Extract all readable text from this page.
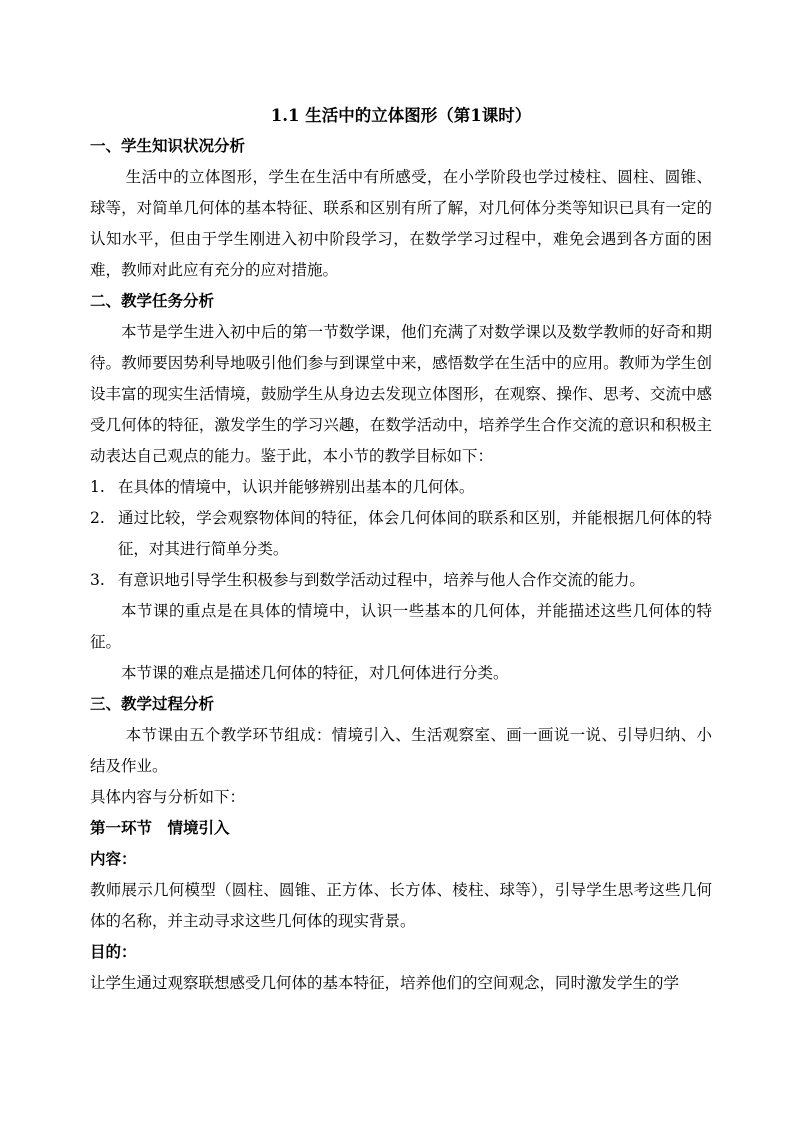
1.1 生活中的立体图形（第1课时）
一、学生知识状况分析

生活中的立体图形，学生在生活中有所感受，在小学阶段也学过棱柱、圆柱、圆锥、球等，对简单几何体的基本特征、联系和区别有所了解，对几何体分类等知识已具有一定的认知水平，但由于学生刚进入初中阶段学习，在数学学习过程中，难免会遇到各方面的困难，教师对此应有充分的应对措施。

二、教学任务分析

本节是学生进入初中后的第一节数学课，他们充满了对数学课以及数学教师的好奇和期待。教师要因势利导地吸引他们参与到课堂中来，感悟数学在生活中的应用。教师为学生创设丰富的现实生活情境，鼓励学生从身边去发现立体图形，在观察、操作、思考、交流中感受几何体的特征，激发学生的学习兴趣，在数学活动中，培养学生合作交流的意识和积极主动表达自己观点的能力。鉴于此，本小节的教学目标如下：

1. 在具体的情境中，认识并能够辨别出基本的几何体。

2. 通过比较，学会观察物体间的特征，体会几何体间的联系和区别，并能根据几何体的特征，对其进行简单分类。

3. 有意识地引导学生积极参与到数学活动过程中，培养与他人合作交流的能力。

本节课的重点是在具体的情境中，认识一些基本的几何体，并能描述这些几何体的特征。

本节课的难点是描述几何体的特征，对几何体进行分类。

三、教学过程分析

本节课由五个教学环节组成：情境引入、生活观察室、画一画说一说、引导归纳、小结及作业。

具体内容与分析如下：

第一环节　情境引入
内容：

教师展示几何模型（圆柱、圆锥、正方体、长方体、棱柱、球等），引导学生思考这些几何体的名称，并主动寻求这些几何体的现实背景。

目的：

让学生通过观察联想感受几何体的基本特征，培养他们的空间观念，同时激发学生的学
